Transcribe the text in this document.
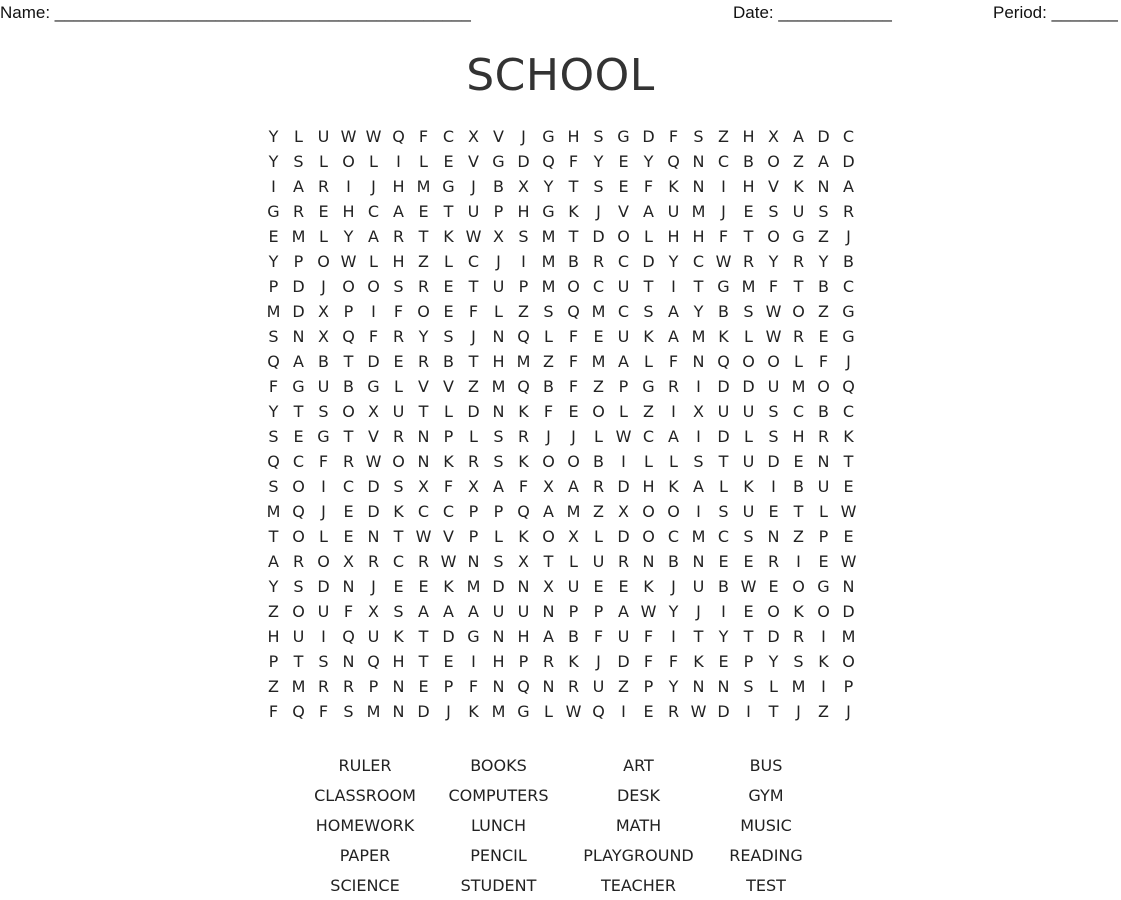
Name: ____________________________________________	Date: ____________	Period: _______
SCHOOL
Y L U W W Q F C X V	J	G H S G D F S Z H X A D C
Y S L O L	I	L E V G D Q F Y E Y Q N C B O Z A D
I	A R	I	J	H M G	J	B X Y T S E F K N	I	H V K N A
G R E H C A E T U P H G K	J	V A U M J	E S U S R
E M L Y A R T K W X S M T D O L H H F T O G Z	J
Y P O W L H Z L C	J	I M B R C D Y C W R Y R Y B
P D	J	O O S R E T U P M O C U T	I	T G M F T B C
M D X P	I	F O E F L Z S Q M C S A Y B S W O Z G
S N X Q F R Y S	J	N Q L F E U K A M K L W R E G
Q A B T D E R B T H M Z F M A L F N Q O O L F	J
F G U B G L V V Z M Q B F Z P G R	I	D D U M O Q
Y T S O X U T L D N K F E O L Z	I	X U U S C B C
S E G T V R N P L S R	J	J	L W C A	I	D L S H R K
Q C F R W O N K R S K O O B	I	L	L S T U D E N T
S O	I	C D S X F X A F X A R D H K A L K	I	B U E
M Q	J	E D K C C P P Q A M Z X O O	I	S U E T L W
T O L E N T W V P L K O X L D O C M C S N Z P E
A R O X R C R W N S X T L U R N B N E E R	I	E W
Y S D N	J	E E K M D N X U E E K	J	U B W E O G N
Z O U F X S A A A U U N P P A W Y	J	I	E O K O D
H U	I	Q U K T D G N H A B F U F	I	T Y T D R	I M
P T S N Q H T E	I	H P R K	J	D F F K E P Y S K O
Z M R R P N E P F N Q N R U Z P Y N N S L M I	P
F Q F S M N D	J	K M G L W Q	I	E R W D	I	T	J	Z	J
RULER	BOOKS	ART	BUS
CLASSROOM	COMPUTERS	DESK	GYM
HOMEWORK	LUNCH	MATH	MUSIC
PAPER	PENCIL	PLAYGROUND	READING
SCIENCE	STUDENT	TEACHER	TEST
